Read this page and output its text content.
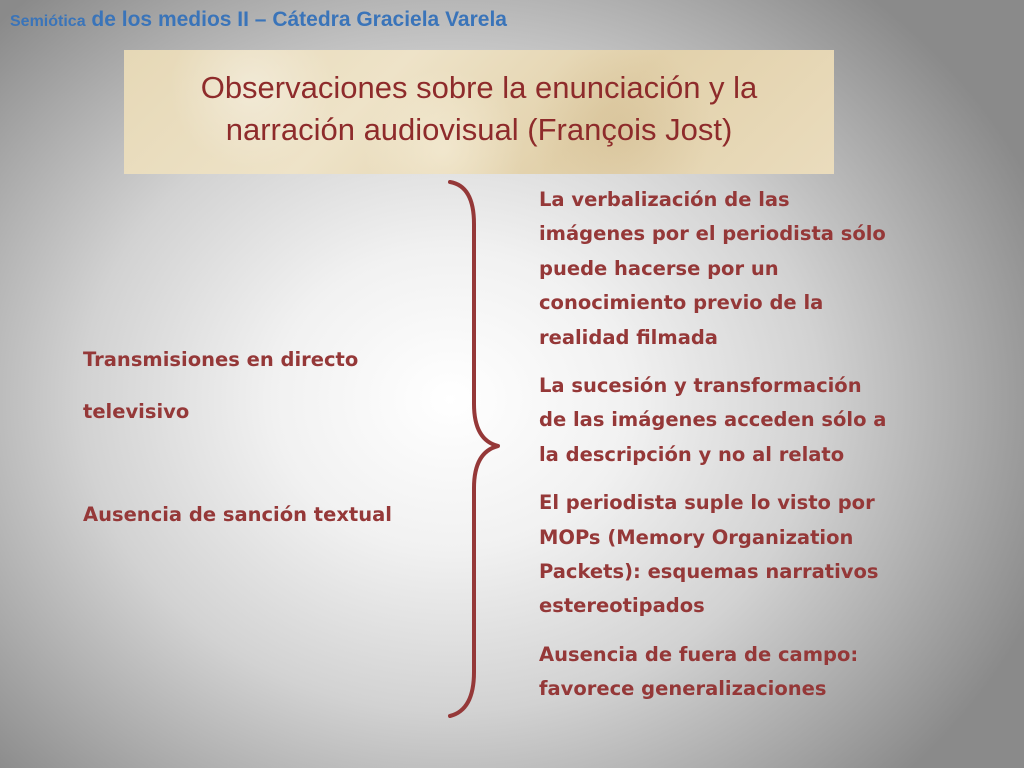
Semiótica de los medios II – Cátedra Graciela Varela
Observaciones sobre la enunciación y la
narración audiovisual (François Jost)
Transmisiones en directo
televisivo
Ausencia de sanción textual
La verbalización de las
imágenes por el periodista sólo
puede hacerse por un
conocimiento previo de la
realidad filmada
La sucesión y transformación
de las imágenes acceden sólo a
la descripción y no al relato
El periodista suple lo visto por
MOPs (Memory Organization
Packets): esquemas narrativos
estereotipados
Ausencia de fuera de campo:
favorece generalizaciones
